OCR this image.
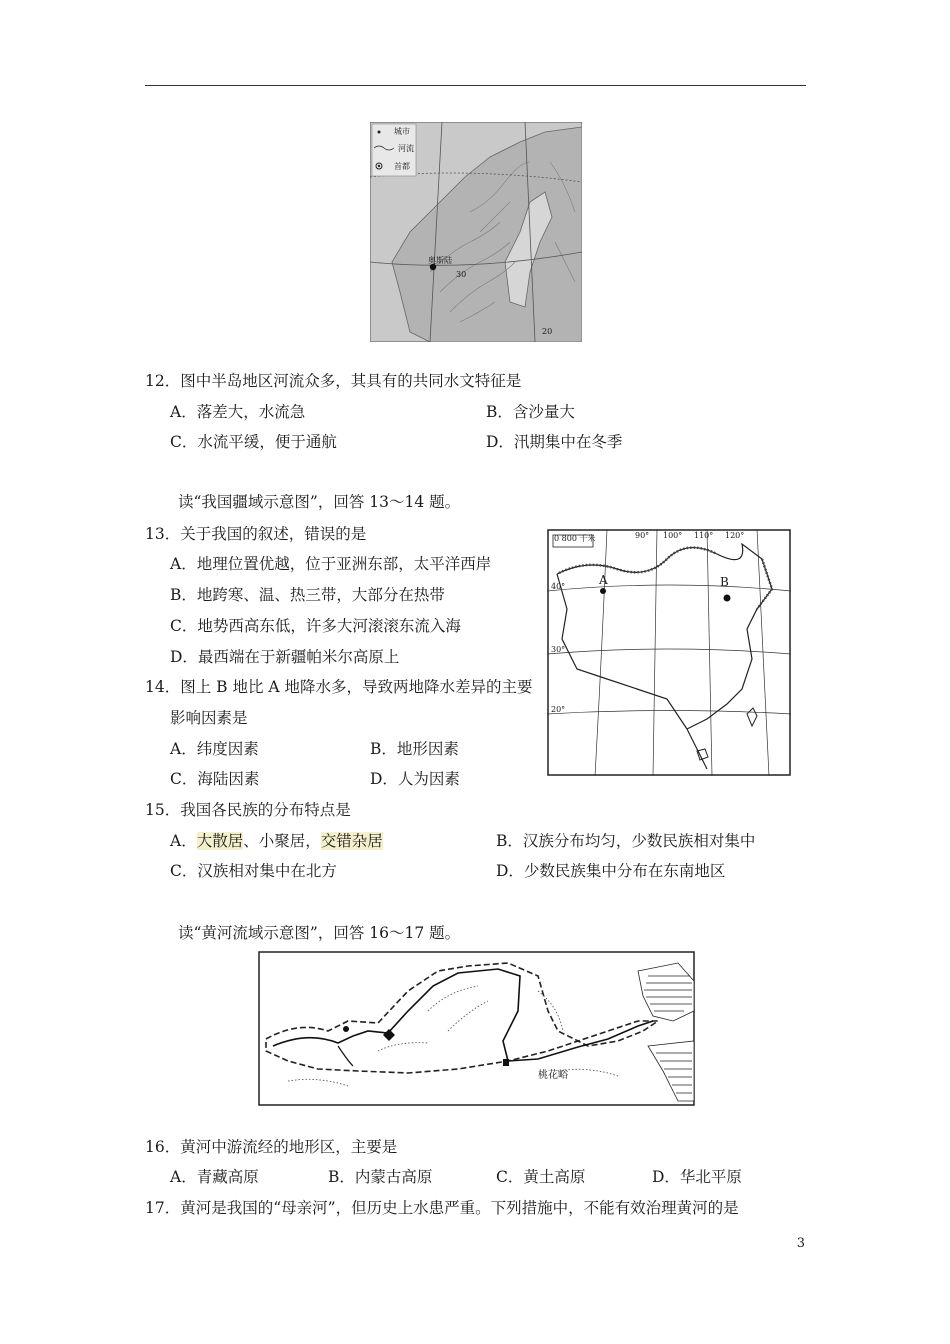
城市
河流
首都
奥斯陆
30
20
12．图中半岛地区河流众多，其具有的共同水文特征是
A．落差大，水流急	B．含沙量大
C．水流平缓，便于通航	D．汛期集中在冬季
读“我国疆域示意图”，回答 13～14 题。
13．关于我国的叙述，错误的是
A．地理位置优越，位于亚洲东部，太平洋西岸
B．地跨寒、温、热三带，大部分在热带
C．地势西高东低，许多大河滚滚东流入海
D．最西端在于新疆帕米尔高原上
0 800 千米	90° 100° 110° 120°
40°
30°
20°
A	B
14．图上 B 地比 A 地降水多，导致两地降水差异的主要
影响因素是
A．纬度因素	B．地形因素
C．海陆因素	D．人为因素
15．我国各民族的分布特点是
A．大散居、小聚居，交错杂居	B．汉族分布均匀，少数民族相对集中
C．汉族相对集中在北方	D．少数民族集中分布在东南地区
读“黄河流域示意图”，回答 16～17 题。
桃花峪
16．黄河中游流经的地形区，主要是
A．青藏高原	B．内蒙古高原	C．黄土高原	D．华北平原
17．黄河是我国的“母亲河”，但历史上水患严重。下列措施中，不能有效治理黄河的是
3
